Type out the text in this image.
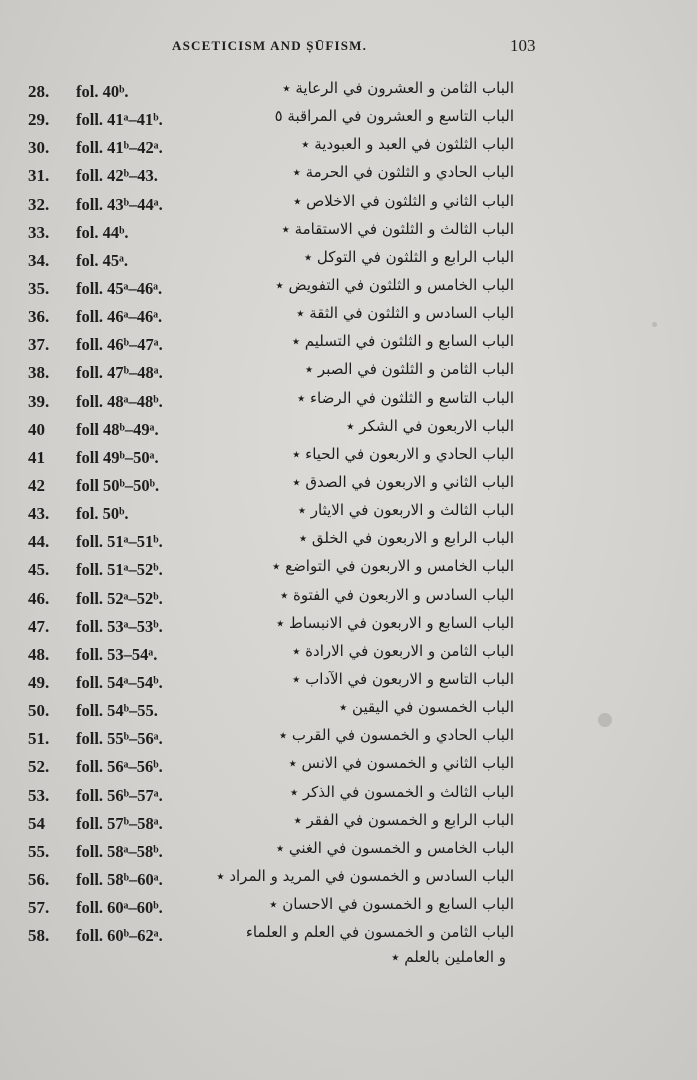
ASCETICISM AND ṢŪFISM.	103
28.	fol. 40ᵇ.	الباب الثامن و العشرون في الرعاية ٭
29.	foll. 41ᵃ–41ᵇ.	الباب التاسع و العشرون في المراقبة ٥
30.	foll. 41ᵇ–42ᵃ.	الباب الثلثون في العبد و العبودية ٭
31.	foll. 42ᵇ–43.	الباب الحادي و الثلثون في الحرمة ٭
32.	foll. 43ᵇ–44ᵃ.	الباب الثاني و الثلثون في الاخلاص ٭
33.	fol. 44ᵇ.	الباب الثالث و الثلثون في الاستقامة ٭
34.	fol. 45ᵃ.	الباب الرابع و الثلثون في التوكل ٭
35.	foll. 45ᵃ–46ᵃ.	الباب الخامس و الثلثون في التفويض ٭
36.	foll. 46ᵃ–46ᵃ.	الباب السادس و الثلثون في الثقة ٭
37.	foll. 46ᵇ–47ᵃ.	الباب السابع و الثلثون في التسليم ٭
38.	foll. 47ᵇ–48ᵃ.	الباب الثامن و الثلثون في الصبر ٭
39.	foll. 48ᵃ–48ᵇ.	الباب التاسع و الثلثون في الرضاء ٭
40	foll 48ᵇ–49ᵃ.	الباب الاربعون في الشكر ٭
41	foll 49ᵇ–50ᵃ.	الباب الحادي و الاربعون في الحياء ٭
42	foll 50ᵇ–50ᵇ.	الباب الثاني و الاربعون في الصدق ٭
43.	fol. 50ᵇ.	الباب الثالث و الاربعون في الايثار ٭
44.	foll. 51ᵃ–51ᵇ.	الباب الرابع و الاربعون في الخلق ٭
45.	foll. 51ᵃ–52ᵇ.	الباب الخامس و الاربعون في التواضع ٭
46.	foll. 52ᵃ–52ᵇ.	الباب السادس و الاربعون في الفتوة ٭
47.	foll. 53ᵃ–53ᵇ.	الباب السابع و الاربعون في الانبساط ٭
48.	foll. 53–54ᵃ.	الباب الثامن و الاربعون في الارادة ٭
49.	foll. 54ᵃ–54ᵇ.	الباب التاسع و الاربعون في الآداب ٭
50.	foll. 54ᵇ–55.	الباب الخمسون في اليقين ٭
51.	foll. 55ᵇ–56ᵃ.	الباب الحادي و الخمسون في القرب ٭
52.	foll. 56ᵃ–56ᵇ.	الباب الثاني و الخمسون في الانس ٭
53.	foll. 56ᵇ–57ᵃ.	الباب الثالث و الخمسون في الذكر ٭
54	foll. 57ᵇ–58ᵃ.	الباب الرابع و الخمسون في الفقر ٭
55.	foll. 58ᵃ–58ᵇ.	الباب الخامس و الخمسون في الغني ٭
56.	foll. 58ᵇ–60ᵃ.	الباب السادس و الخمسون في المريد و المراد ٭
57.	foll. 60ᵃ–60ᵇ.	الباب السابع و الخمسون في الاحسان ٭
58.	foll. 60ᵇ–62ᵃ.	الباب الثامن و الخمسون في العلم و العلماء
و العاملين بالعلم ٭
